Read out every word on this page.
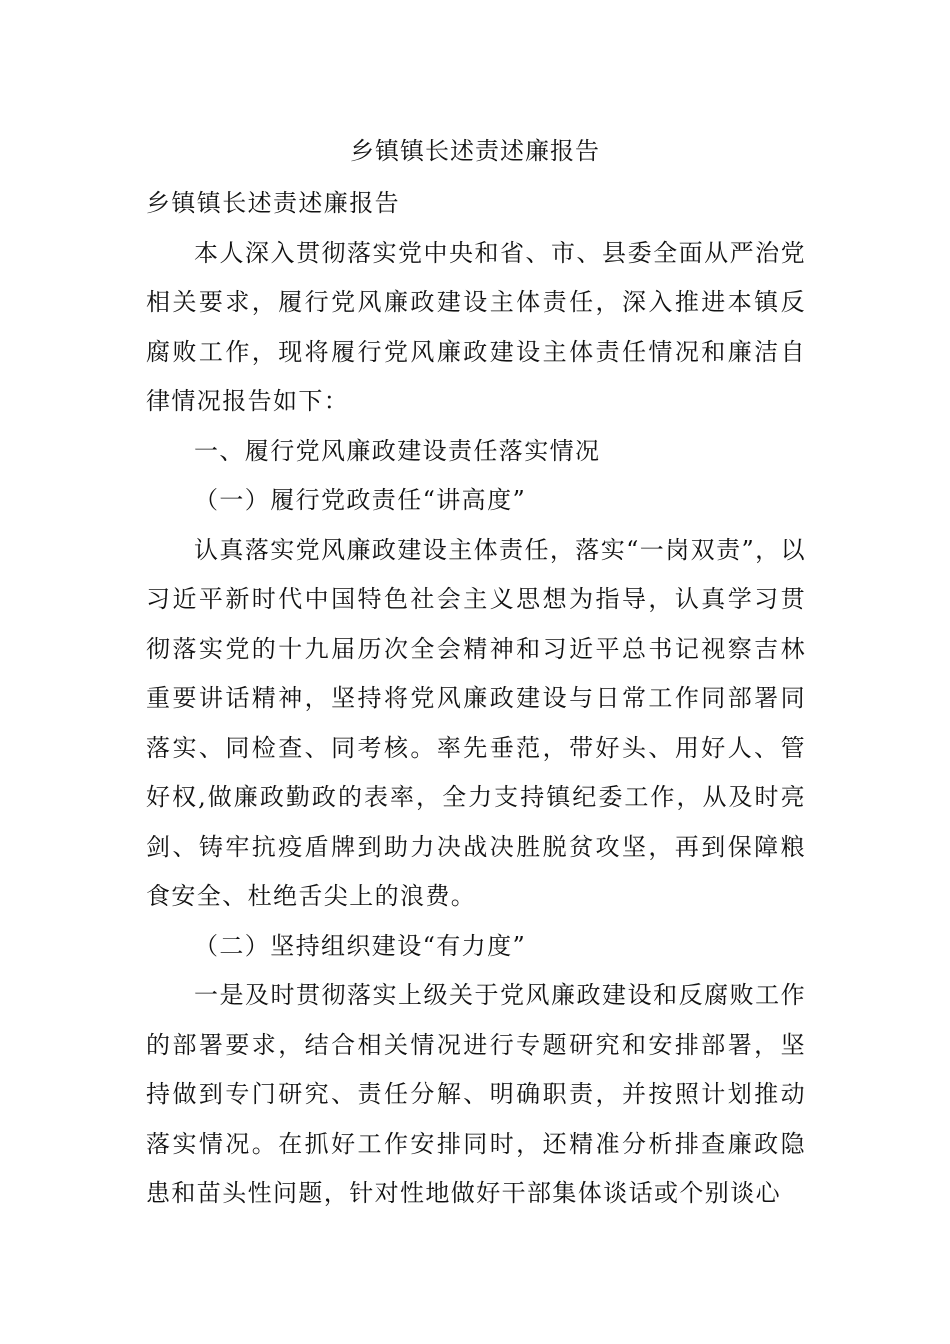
乡镇镇长述责述廉报告

乡镇镇长述责述廉报告

本人深入贯彻落实党中央和省、市、县委全面从严治党相关要求，履行党风廉政建设主体责任，深入推进本镇反腐败工作，现将履行党风廉政建设主体责任情况和廉洁自律情况报告如下：

一、履行党风廉政建设责任落实情况

（一）履行党政责任“讲高度”

认真落实党风廉政建设主体责任，落实“一岗双责”，以习近平新时代中国特色社会主义思想为指导，认真学习贯彻落实党的十九届历次全会精神和习近平总书记视察吉林重要讲话精神，坚持将党风廉政建设与日常工作同部署同落实、同检查、同考核。率先垂范，带好头、用好人、管好权,做廉政勤政的表率，全力支持镇纪委工作，从及时亮剑、铸牢抗疫盾牌到助力决战决胜脱贫攻坚，再到保障粮食安全、杜绝舌尖上的浪费。

（二）坚持组织建设“有力度”

一是及时贯彻落实上级关于党风廉政建设和反腐败工作的部署要求，结合相关情况进行专题研究和安排部署，坚持做到专门研究、责任分解、明确职责，并按照计划推动落实情况。在抓好工作安排同时，还精准分析排查廉政隐患和苗头性问题，针对性地做好干部集体谈话或个别谈心
